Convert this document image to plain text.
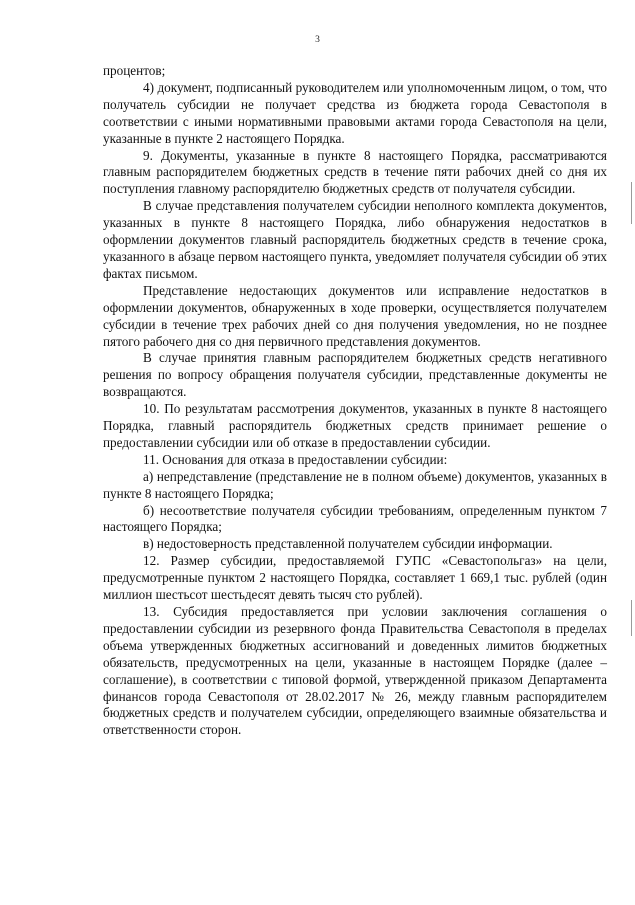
3

процентов;

4) документ, подписанный руководителем или уполномоченным лицом, о том, что получатель субсидии не получает средства из бюджета города Севастополя в соответствии с иными нормативными правовыми актами города Севастополя на цели, указанные в пункте 2 настоящего Порядка.

9. Документы, указанные в пункте 8 настоящего Порядка, рассматриваются главным распорядителем бюджетных средств в течение пяти рабочих дней со дня их поступления главному распорядителю бюджетных средств от получателя субсидии.

В случае представления получателем субсидии неполного комплекта документов, указанных в пункте 8 настоящего Порядка, либо обнаружения недостатков в оформлении документов главный распорядитель бюджетных средств в течение срока, указанного в абзаце первом настоящего пункта, уведомляет получателя субсидии об этих фактах письмом.

Представление недостающих документов или исправление недостатков в оформлении документов, обнаруженных в ходе проверки, осуществляется получателем субсидии в течение трех рабочих дней со дня получения уведомления, но не позднее пятого рабочего дня со дня первичного представления документов.

В случае принятия главным распорядителем бюджетных средств негативного решения по вопросу обращения получателя субсидии, представленные документы не возвращаются.

10. По результатам рассмотрения документов, указанных в пункте 8 настоящего Порядка, главный распорядитель бюджетных средств принимает решение о предоставлении субсидии или об отказе в предоставлении субсидии.

11. Основания для отказа в предоставлении субсидии:

а) непредставление (представление не в полном объеме) документов, указанных в пункте 8 настоящего Порядка;

б) несоответствие получателя субсидии требованиям, определенным пунктом 7 настоящего Порядка;

в) недостоверность представленной получателем субсидии информации.

12. Размер субсидии, предоставляемой ГУПС «Севастопольгаз» на цели, предусмотренные пунктом 2 настоящего Порядка, составляет 1 669,1 тыс. рублей (один миллион шестьсот шестьдесят девять тысяч сто рублей).

13. Субсидия предоставляется при условии заключения соглашения о предоставлении субсидии из резервного фонда Правительства Севастополя в пределах объема утвержденных бюджетных ассигнований и доведенных лимитов бюджетных обязательств, предусмотренных на цели, указанные в настоящем Порядке (далее – соглашение), в соответствии с типовой формой, утвержденной приказом Департамента финансов города Севастополя от 28.02.2017 № 26, между главным распорядителем бюджетных средств и получателем субсидии, определяющего взаимные обязательства и ответственности сторон.
